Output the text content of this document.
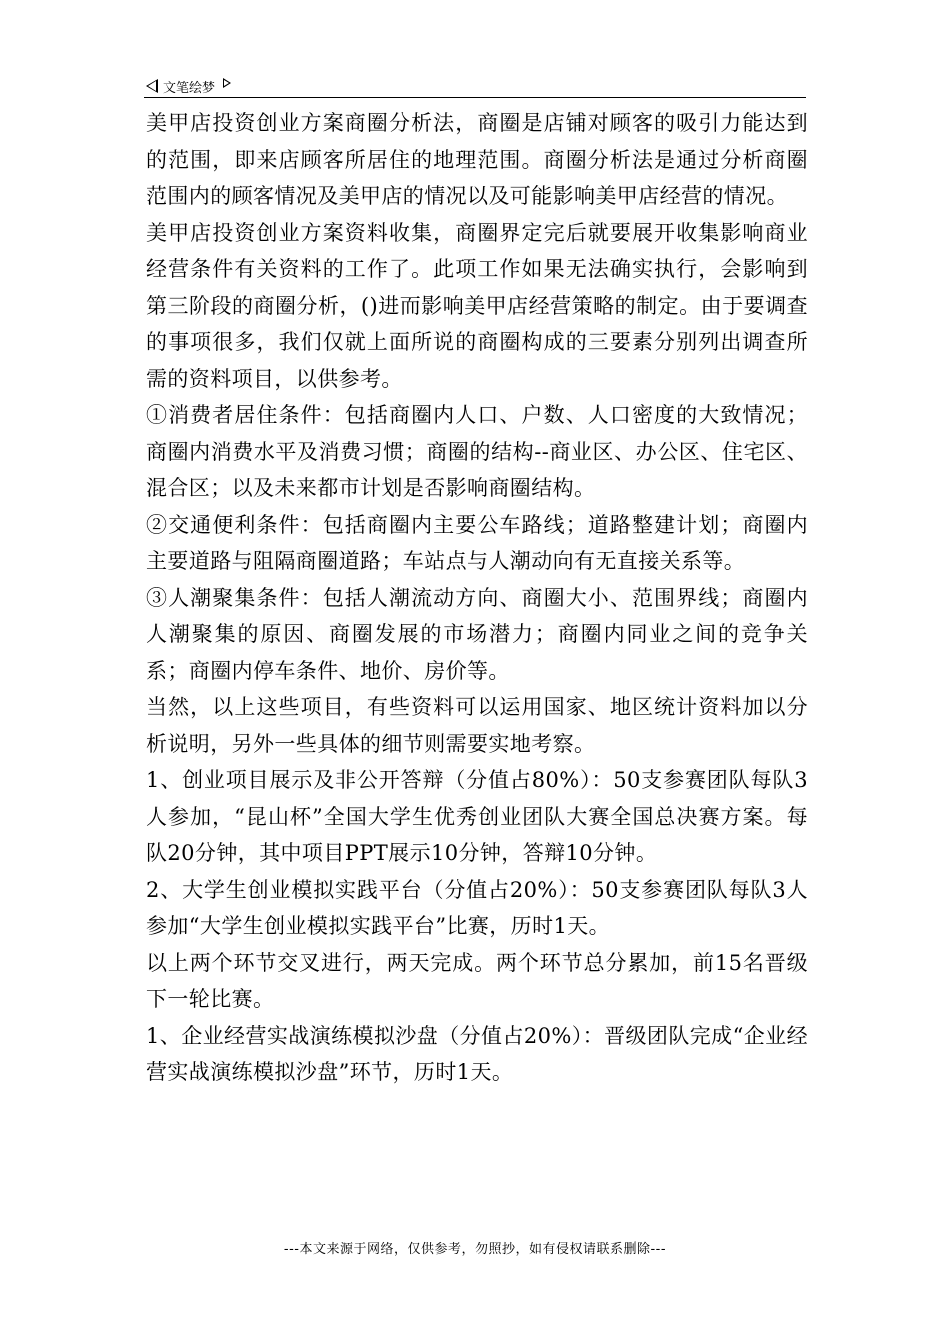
文笔绘梦

美甲店投资创业方案商圈分析法，商圈是店铺对顾客的吸引力能达到的范围，即来店顾客所居住的地理范围。商圈分析法是通过分析商圈范围内的顾客情况及美甲店的情况以及可能影响美甲店经营的情况。

美甲店投资创业方案资料收集，商圈界定完后就要展开收集影响商业经营条件有关资料的工作了。此项工作如果无法确实执行，会影响到第三阶段的商圈分析，()进而影响美甲店经营策略的制定。由于要调查的事项很多，我们仅就上面所说的商圈构成的三要素分别列出调查所需的资料项目，以供参考。

①消费者居住条件：包括商圈内人口、户数、人口密度的大致情况；商圈内消费水平及消费习惯；商圈的结构--商业区、办公区、住宅区、混合区；以及未来都市计划是否影响商圈结构。

②交通便利条件：包括商圈内主要公车路线；道路整建计划；商圈内主要道路与阻隔商圈道路；车站点与人潮动向有无直接关系等。

③人潮聚集条件：包括人潮流动方向、商圈大小、范围界线；商圈内人潮聚集的原因、商圈发展的市场潜力；商圈内同业之间的竞争关系；商圈内停车条件、地价、房价等。

当然，以上这些项目，有些资料可以运用国家、地区统计资料加以分析说明，另外一些具体的细节则需要实地考察。

1、创业项目展示及非公开答辩（分值占80%）：50支参赛团队每队3人参加，“昆山杯”全国大学生优秀创业团队大赛全国总决赛方案。每队20分钟，其中项目PPT展示10分钟，答辩10分钟。

2、大学生创业模拟实践平台（分值占20%）：50支参赛团队每队3人参加“大学生创业模拟实践平台”比赛，历时1天。

以上两个环节交叉进行，两天完成。两个环节总分累加，前15名晋级下一轮比赛。

1、企业经营实战演练模拟沙盘（分值占20%）：晋级团队完成“企业经营实战演练模拟沙盘”环节，历时1天。

---本文来源于网络，仅供参考，勿照抄，如有侵权请联系删除---
